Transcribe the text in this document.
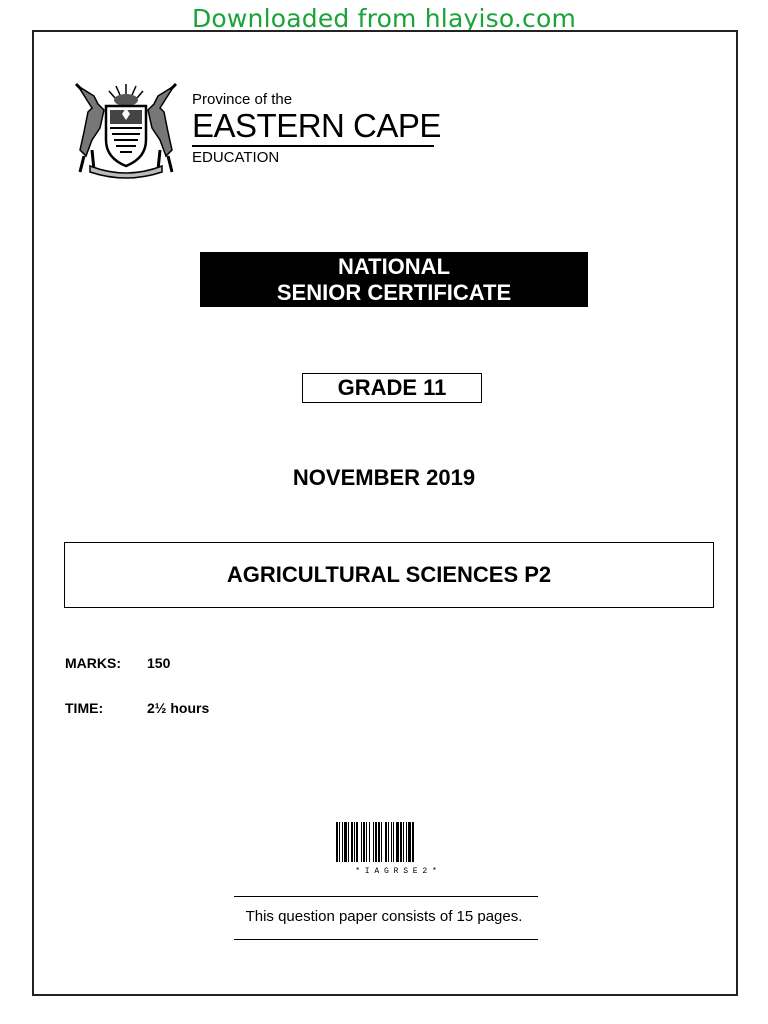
Downloaded from hlayiso.com
Province of the
EASTERN CAPE
EDUCATION
NATIONAL
SENIOR CERTIFICATE
GRADE 11
NOVEMBER 2019
AGRICULTURAL SCIENCES P2
MARKS:	150
TIME:	2½ hours
* I A G R S E 2 *
This question paper consists of 15 pages.
